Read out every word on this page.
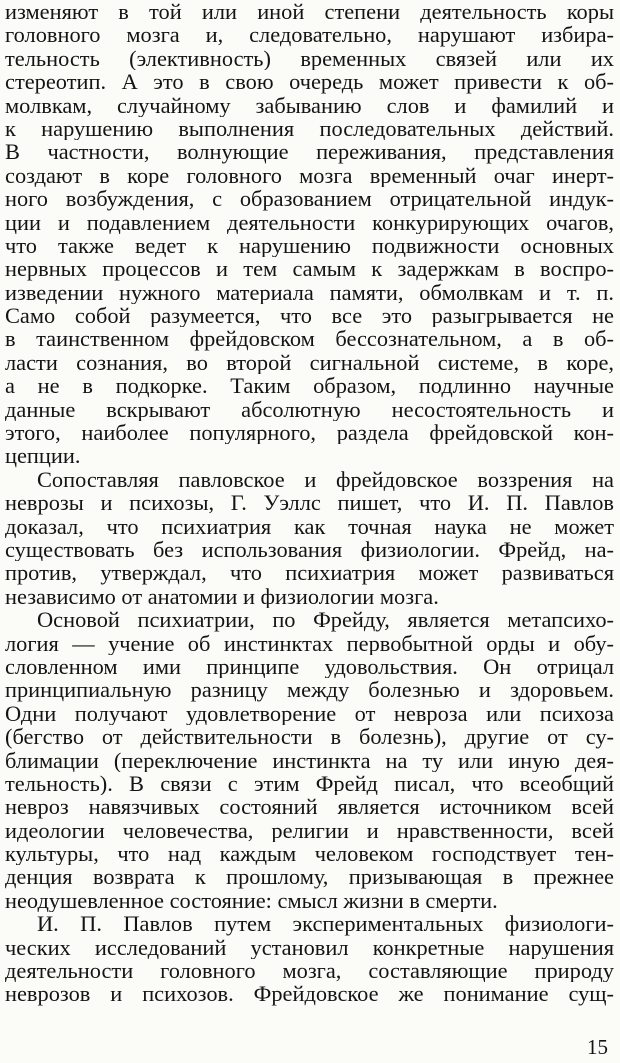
изменяют в той или иной степени деятельность коры
головного мозга и, следовательно, нарушают избира-
тельность (элективность) временных связей или их
стереотип. А это в свою очередь может привести к об-
молвкам, случайному забыванию слов и фамилий и
к нарушению выполнения последовательных действий.
В частности, волнующие переживания, представления
создают в коре головного мозга временный очаг инерт-
ного возбуждения, с образованием отрицательной индук-
ции и подавлением деятельности конкурирующих очагов,
что также ведет к нарушению подвижности основных
нервных процессов и тем самым к задержкам в воспро-
изведении нужного материала памяти, обмолвкам и т. п.
Само собой разумеется, что все это разыгрывается не
в таинственном фрейдовском бессознательном, а в об-
ласти сознания, во второй сигнальной системе, в коре,
а не в подкорке. Таким образом, подлинно научные
данные вскрывают абсолютную несостоятельность и
этого, наиболее популярного, раздела фрейдовской кон-
цепции.
Сопоставляя павловское и фрейдовское воззрения на
неврозы и психозы, Г. Уэллс пишет, что И. П. Павлов
доказал, что психиатрия как точная наука не может
существовать без использования физиологии. Фрейд, на-
против, утверждал, что психиатрия может развиваться
независимо от анатомии и физиологии мозга.
Основой психиатрии, по Фрейду, является метапсихо-
логия — учение об инстинктах первобытной орды и обу-
словленном ими принципе удовольствия. Он отрицал
принципиальную разницу между болезнью и здоровьем.
Одни получают удовлетворение от невроза или психоза
(бегство от действительности в болезнь), другие от су-
блимации (переключение инстинкта на ту или иную дея-
тельность). В связи с этим Фрейд писал, что всеобщий
невроз навязчивых состояний является источником всей
идеологии человечества, религии и нравственности, всей
культуры, что над каждым человеком господствует тен-
денция возврата к прошлому, призывающая в прежнее
неодушевленное состояние: смысл жизни в смерти.
И. П. Павлов путем экспериментальных физиологи-
ческих исследований установил конкретные нарушения
деятельности головного мозга, составляющие природу
неврозов и психозов. Фрейдовское же понимание сущ-
15
